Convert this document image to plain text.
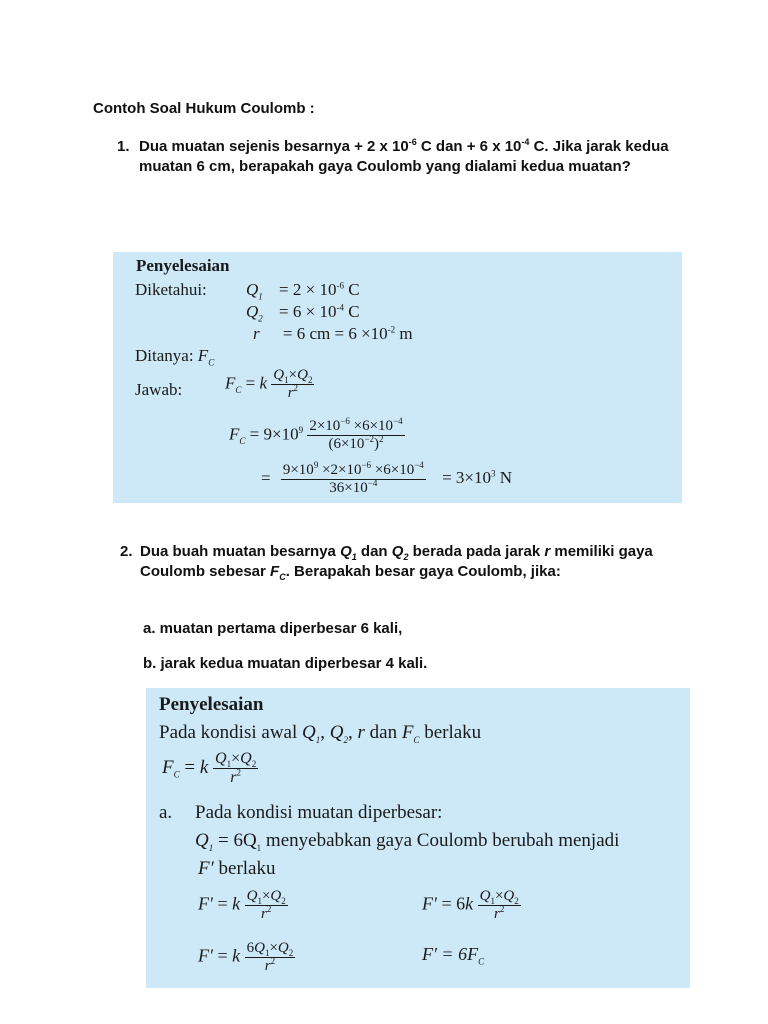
Contoh Soal Hukum Coulomb :
1. Dua muatan sejenis besarnya + 2 x $10^{-6}$ C dan + 6 x $10^{-4}$ C. Jika jarak kedua muatan 6 cm, berapakah gaya Coulomb yang dialami kedua muatan?
Penyelesaian
Diketahui: $Q_1 = 2 \times 10^{-6}$ C
$Q_2 = 6 \times 10^{-4}$ C
r = 6 cm = $6 \times 10^{-2}$ m
Ditanya: $F_C$
Jawab:	$F_C = k \frac{Q_1\times Q_2}{r^2}$
$F_C = 9\times 10^9 \frac{2\times 10^{-6} \times 6\times 10^{-4}}{(6\times 10^{-2})^2}$
= $\frac{9\times 10^9 \times 2\times 10^{-6} \times 6\times 10^{-4}}{36\times 10^{-4}} = 3\times 10^3$ N
2. Dua buah muatan besarnya $Q_1$ dan $Q_2$ berada pada jarak r memiliki gaya Coulomb sebesar $F_C$. Berapakah besar gaya Coulomb, jika:
a. muatan pertama diperbesar 6 kali,
b. jarak kedua muatan diperbesar 4 kali.
Penyelesaian
Pada kondisi awal $Q_1$, $Q_2$, r dan $F_C$ berlaku
$F_C = k \frac{Q_1\times Q_2}{r^2}$
a. Pada kondisi muatan diperbesar:
$Q_1 = 6Q_1$ menyebabkan gaya Coulomb berubah menjadi
F′ berlaku
F′ = k $\frac{Q_1\times Q_2}{r^2}$	$F' = 6k \frac{Q_1\times Q_2}{r^2}$
F′ = k $\frac{6Q_1\times Q_2}{r^2}$	$F' = 6F_C$
